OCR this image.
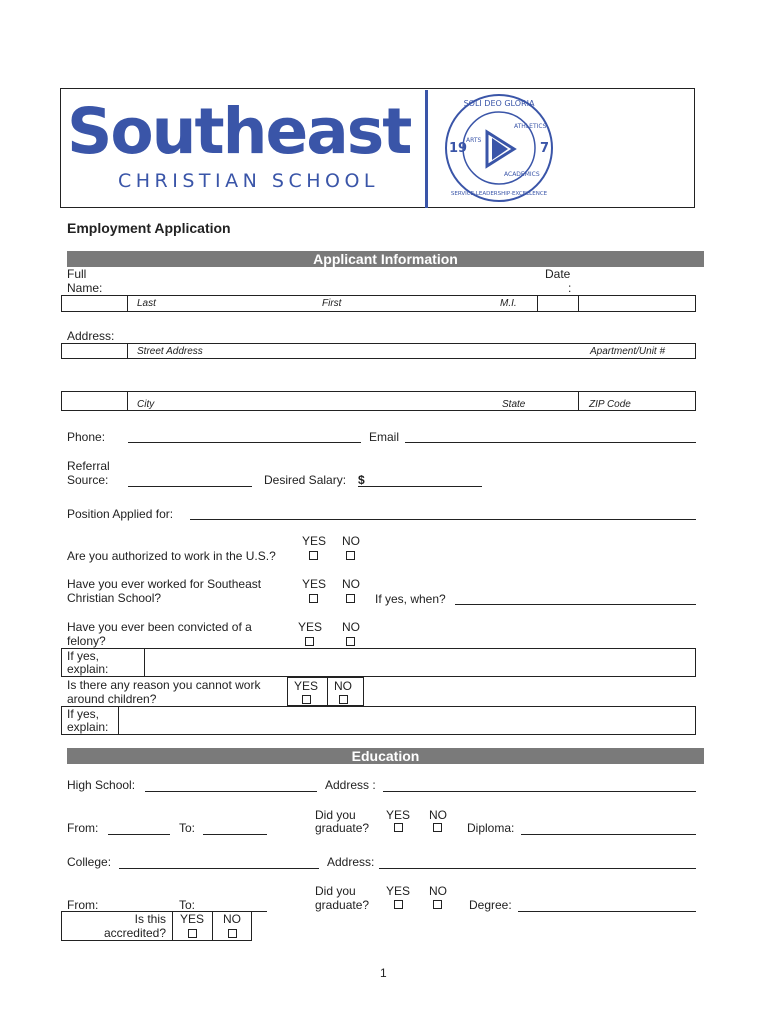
Southeast
CHRISTIAN SCHOOL
SOLI DEO GLORIA
19	7
ATHLETICS
ARTS
ACADEMICS
SERVICE·LEADERSHIP·EXCELLENCE
Employment Application
Applicant Information
Full
Name:
Date
:
Last	First	M.I.
Address:
Street Address	Apartment/Unit #
City	State	ZIP Code
Phone:	Email
Referral
Source:	Desired Salary: $
Position Applied for:
YES NO
Are you authorized to work in the U.S.?
Have you ever worked for Southeast
Christian School?
YES NO
If yes, when?
Have you ever been convicted of a
felony?
YES NO
If yes,
explain:
Is there any reason you cannot work
around children?
YES NO
If yes,
explain:
Education
High School:	Address :
Did you
graduate?
YES NO
From:	To:	Diploma:
College:	Address:
Did you
graduate?
YES NO
From:	To:	Degree:
Is this
accredited?
YES NO
1
